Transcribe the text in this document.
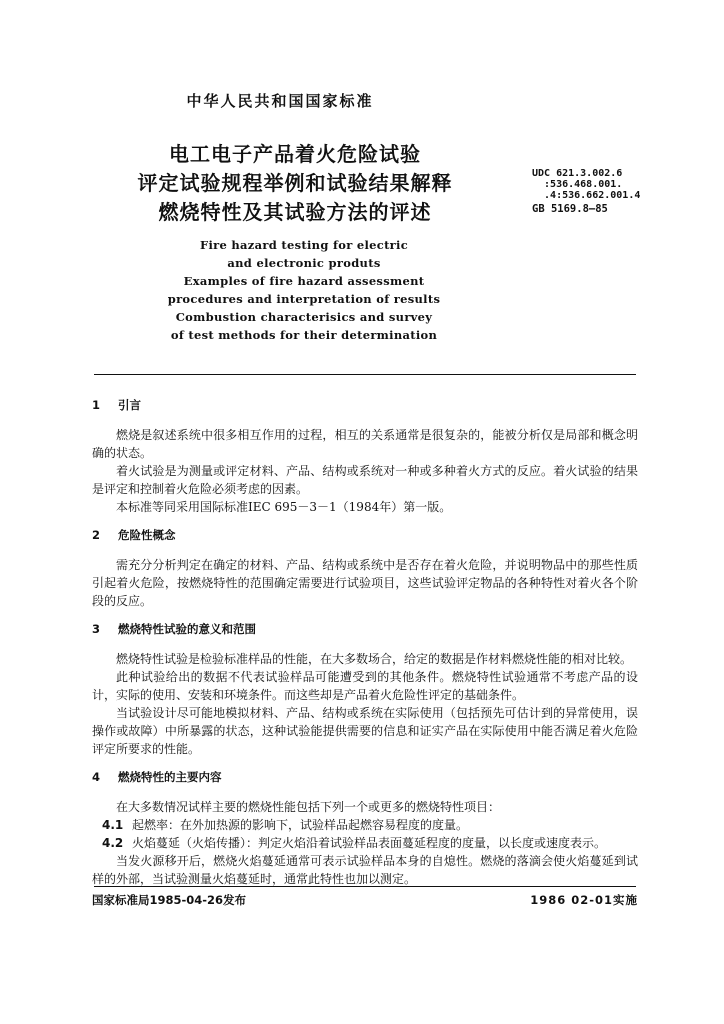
中华人民共和国国家标准
电工电子产品着火危险试验
评定试验规程举例和试验结果解释
燃烧特性及其试验方法的评述
UDC 621.3.002.6
:536.468.001.
.4:536.662.001.4
GB 5169.8—85
Fire hazard testing for electric
and electronic produts
Examples of fire hazard assessment
procedures and interpretation of results
Combustion characterisics and survey
of test methods for their determination
1 引言

燃烧是叙述系统中很多相互作用的过程，相互的关系通常是很复杂的，能被分析仅是局部和概念明确的状态。

着火试验是为测量或评定材料、产品、结构或系统对一种或多种着火方式的反应。着火试验的结果是评定和控制着火危险必须考虑的因素。

本标准等同采用国际标准IEC 695－3－1（1984年）第一版。

2 危险性概念

需充分分析判定在确定的材料、产品、结构或系统中是否存在着火危险，并说明物品中的那些性质引起着火危险，按燃烧特性的范围确定需要进行试验项目，这些试验评定物品的各种特性对着火各个阶段的反应。

3 燃烧特性试验的意义和范围

燃烧特性试验是检验标准样品的性能，在大多数场合，给定的数据是作材料燃烧性能的相对比较。

此种试验给出的数据不代表试验样品可能遭受到的其他条件。燃烧特性试验通常不考虑产品的设计，实际的使用、安装和环境条件。而这些却是产品着火危险性评定的基础条件。

当试验设计尽可能地模拟材料、产品、结构或系统在实际使用（包括预先可估计到的异常使用，误操作或故障）中所暴露的状态，这种试验能提供需要的信息和证实产品在实际使用中能否满足着火危险评定所要求的性能。

4 燃烧特性的主要内容

在大多数情况试样主要的燃烧性能包括下列一个或更多的燃烧特性项目：

4.1 起燃率：在外加热源的影响下，试验样品起燃容易程度的度量。

4.2 火焰蔓延（火焰传播）：判定火焰沿着试验样品表面蔓延程度的度量，以长度或速度表示。

当发火源移开后，燃烧火焰蔓延通常可表示试验样品本身的自熄性。燃烧的落滴会使火焰蔓延到试样的外部，当试验测量火焰蔓延时，通常此特性也加以测定。

国家标准局1985-04-26发布	1986 02-01实施
